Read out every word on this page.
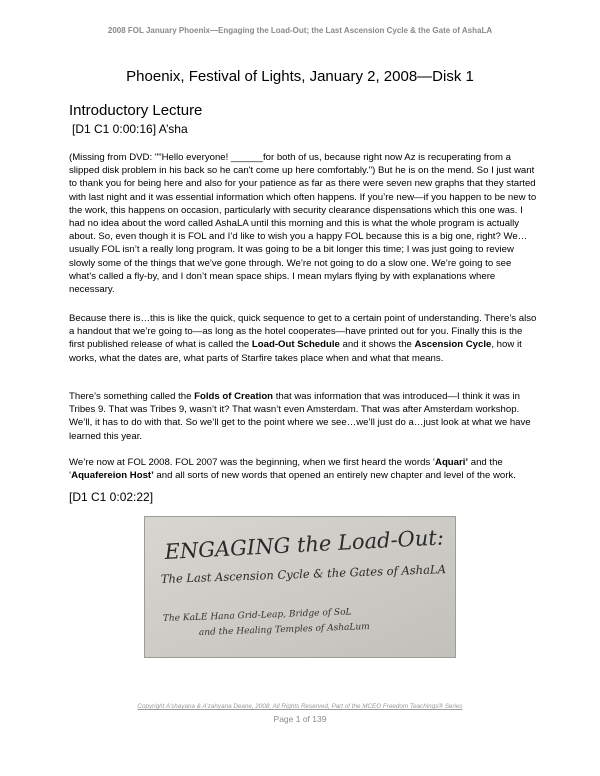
2008 FOL January Phoenix—Engaging the Load-Out; the Last Ascension Cycle & the Gate of AshaLA
Phoenix, Festival of Lights, January 2, 2008—Disk 1
Introductory Lecture
[D1 C1 0:00:16] A’sha
(Missing from DVD: ""Hello everyone! ______for both of us, because right now Az is recuperating from a slipped disk problem in his back so he can't come up here comfortably.") But he is on the mend. So I just want to thank you for being here and also for your patience as far as there were seven new graphs that they started with last night and it was essential information which often happens. If you’re new—if you happen to be new to the work, this happens on occasion, particularly with security clearance dispensations which this one was. I had no idea about the word called AshaLA until this morning and this is what the whole program is actually about. So, even though it is FOL and I’d like to wish you a happy FOL because this is a big one, right? We…usually FOL isn’t a really long program. It was going to be a bit longer this time; I was just going to review slowly some of the things that we’ve gone through. We’re not going to do a slow one. We’re going to see what’s called a fly-by, and I don’t mean space ships. I mean mylars flying by with explanations where necessary.
Because there is…this is like the quick, quick sequence to get to a certain point of understanding. There’s also a handout that we’re going to—as long as the hotel cooperates—have printed out for you. Finally this is the first published release of what is called the Load-Out Schedule and it shows the Ascension Cycle, how it works, what the dates are, what parts of Starfire takes place when and what that means.
There’s something called the Folds of Creation that was information that was introduced—I think it was in Tribes 9. That was Tribes 9, wasn’t it? That wasn’t even Amsterdam. That was after Amsterdam workshop. We’ll, it has to do with that. So we’ll get to the point where we see…we’ll just do a…just look at what we have learned this year.
We’re now at FOL 2008. FOL 2007 was the beginning, when we first heard the words ‘Aquari’ and the ‘Aquafereion Host’ and all sorts of new words that opened an entirely new chapter and level of the work.
[D1 C1 0:02:22]
ENGAGING the Load-Out:
The Last Ascension Cycle & the Gates of AshaLA
The KaLE Hana Grid-Leap, Bridge of SoL
and the Healing Temples of AshaLum
Copyright A’shayana & A’zahyana Deane, 2008, All Rights Reserved, Part of the MCEO Freedom Teachings® Series
Page 1 of 139
